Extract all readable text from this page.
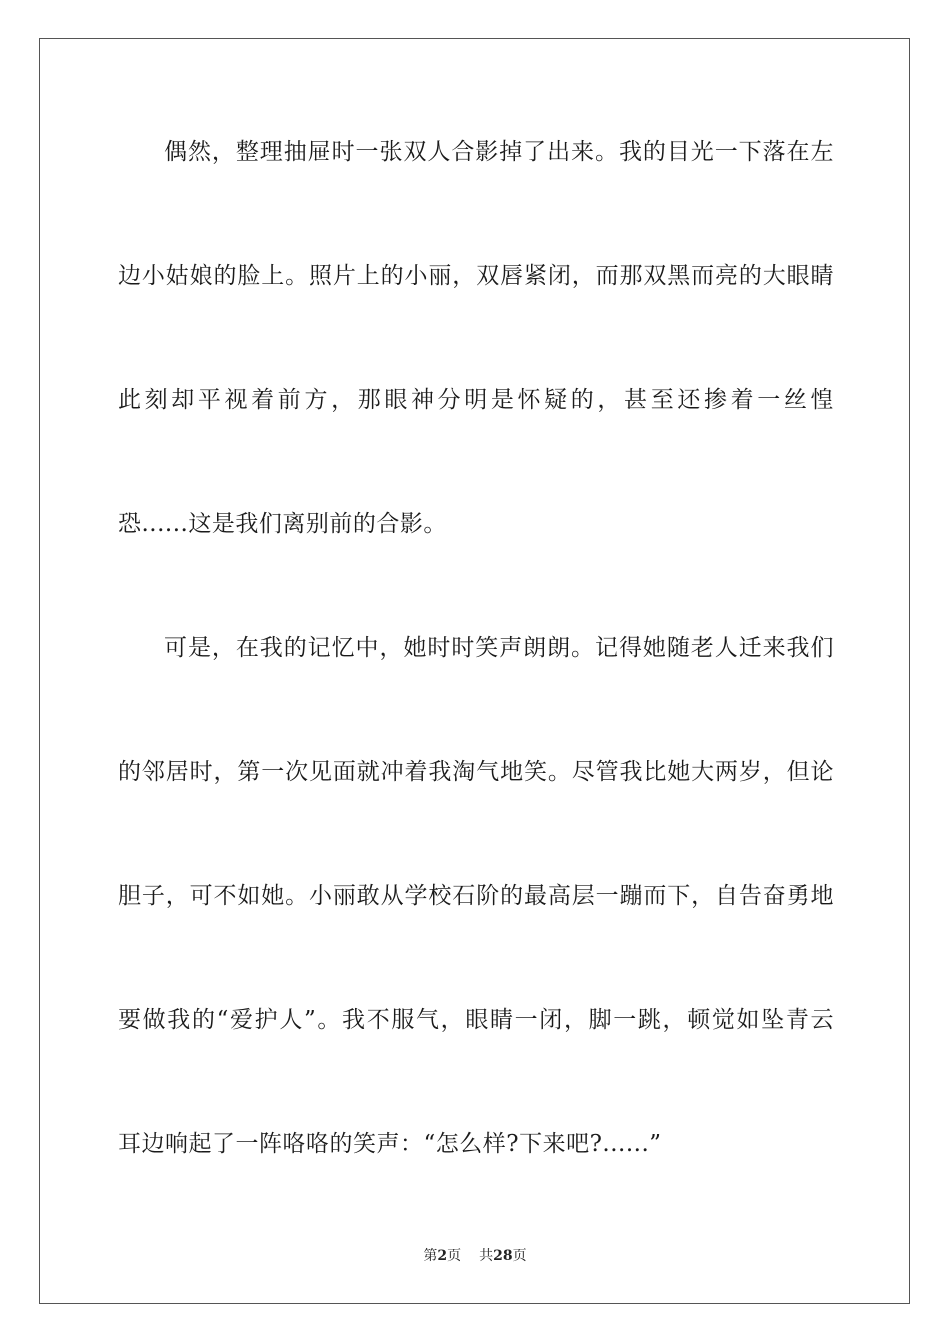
偶然，整理抽屉时一张双人合影掉了出来。我的目光一下落在左
边小姑娘的脸上。照片上的小丽，双唇紧闭，而那双黑而亮的大眼睛
此刻却平视着前方，那眼神分明是怀疑的，甚至还掺着一丝惶
恐......这是我们离别前的合影。
可是，在我的记忆中，她时时笑声朗朗。记得她随老人迁来我们
的邻居时，第一次见面就冲着我淘气地笑。尽管我比她大两岁，但论
胆子，可不如她。小丽敢从学校石阶的最高层一蹦而下，自告奋勇地
要做我的“爱护人”。我不服气，眼睛一闭，脚一跳，顿觉如坠青云
耳边响起了一阵咯咯的笑声：“怎么样?下来吧?......”
第2页 共28页
